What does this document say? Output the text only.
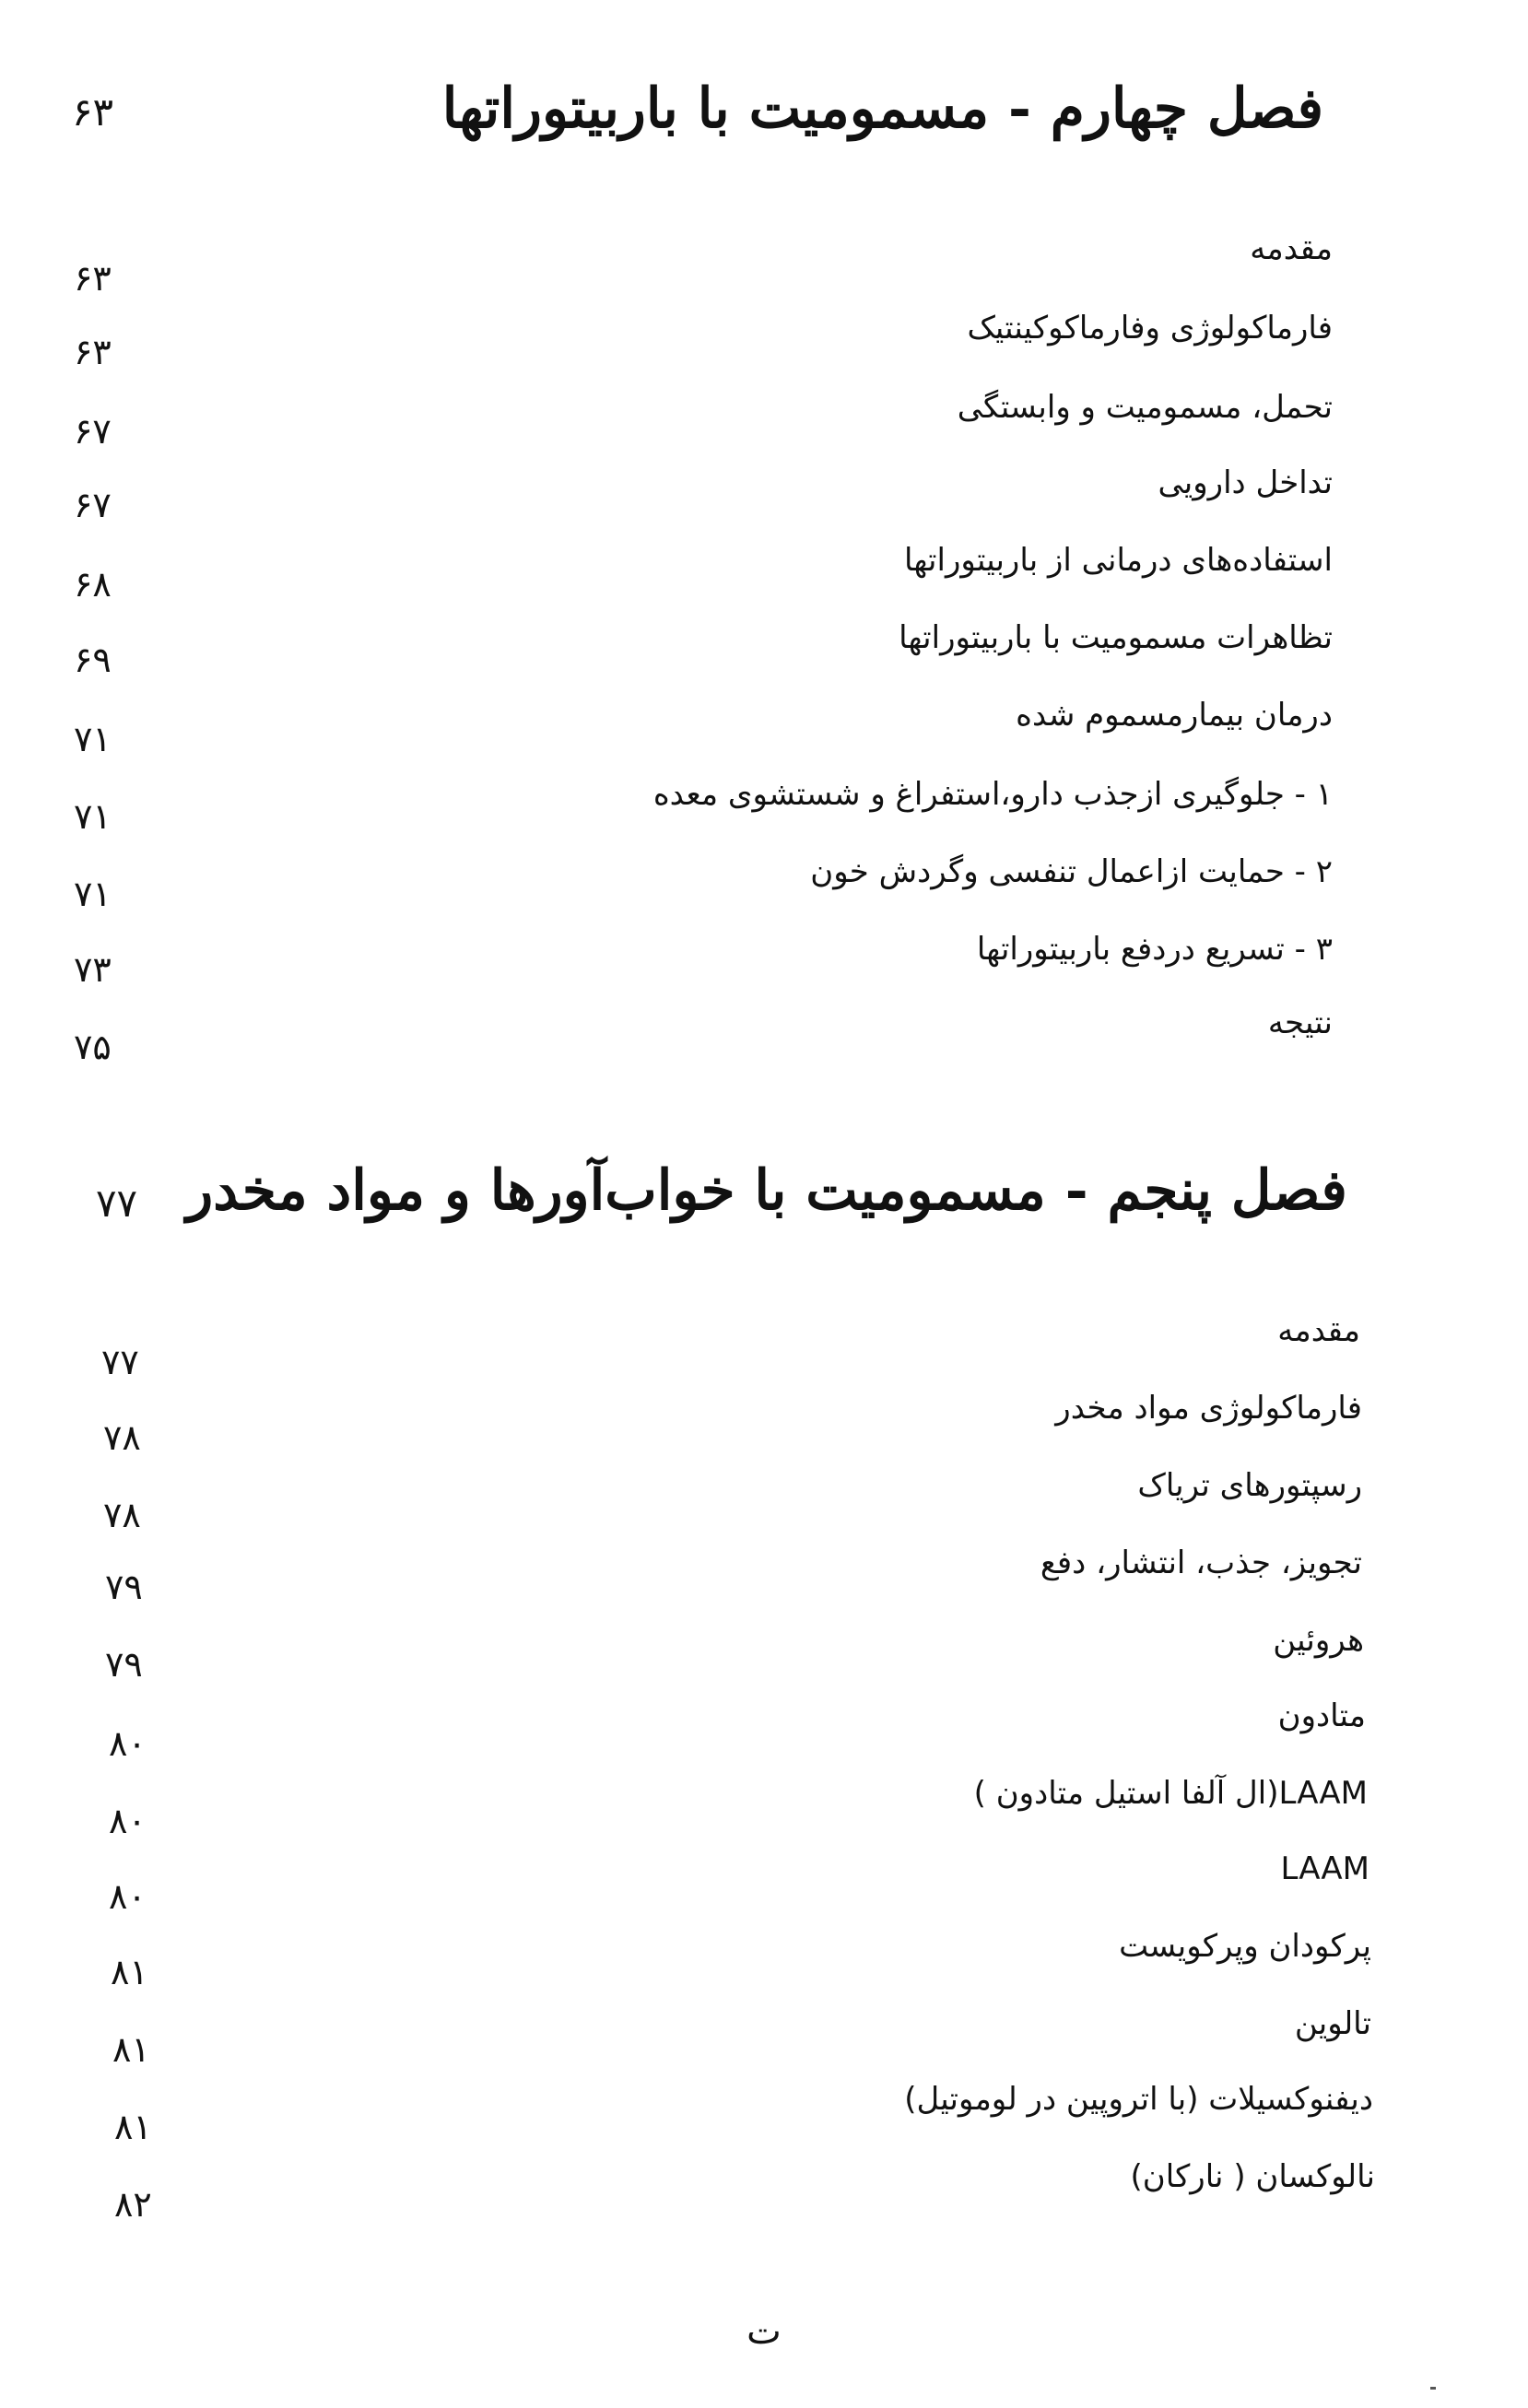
فصل چهارم - مسمومیت با باربیتوراتها
۶۳
مقدمه
۶۳
فارماکولوژی وفارماکوکینتیک
۶۳
تحمل، مسمومیت و وابستگی
۶۷
تداخل دارویی
۶۷
استفاده‌های درمانی از باربیتوراتها
۶۸
تظاهرات مسمومیت با باربیتوراتها
۶۹
درمان بیمارمسموم شده
۷۱
۱ - جلوگیری ازجذب دارو،استفراغ و شستشوی معده
۷۱
۲ - حمایت ازاعمال تنفسی وگردش خون
۷۱
۳ - تسریع دردفع باربیتوراتها
۷۳
نتیجه
۷۵
فصل پنجم - مسمومیت با خواب‌آورها و مواد مخدر
۷۷
مقدمه
۷۷
فارماکولوژی مواد مخدر
۷۸
رسپتورهای تریاک
۷۸
تجویز، جذب، انتشار، دفع
۷۹
هروئین
۷۹
متادون
۸۰
LAAM(ال آلفا استیل متادون )
۸۰
LAAM
۸۰
پرکودان وپرکویست
۸۱
تالوین
۸۱
دیفنوکسیلات (با اتروپین در لوموتیل)
۸۱
نالوکسان ( نارکان)
۸۲
ت
